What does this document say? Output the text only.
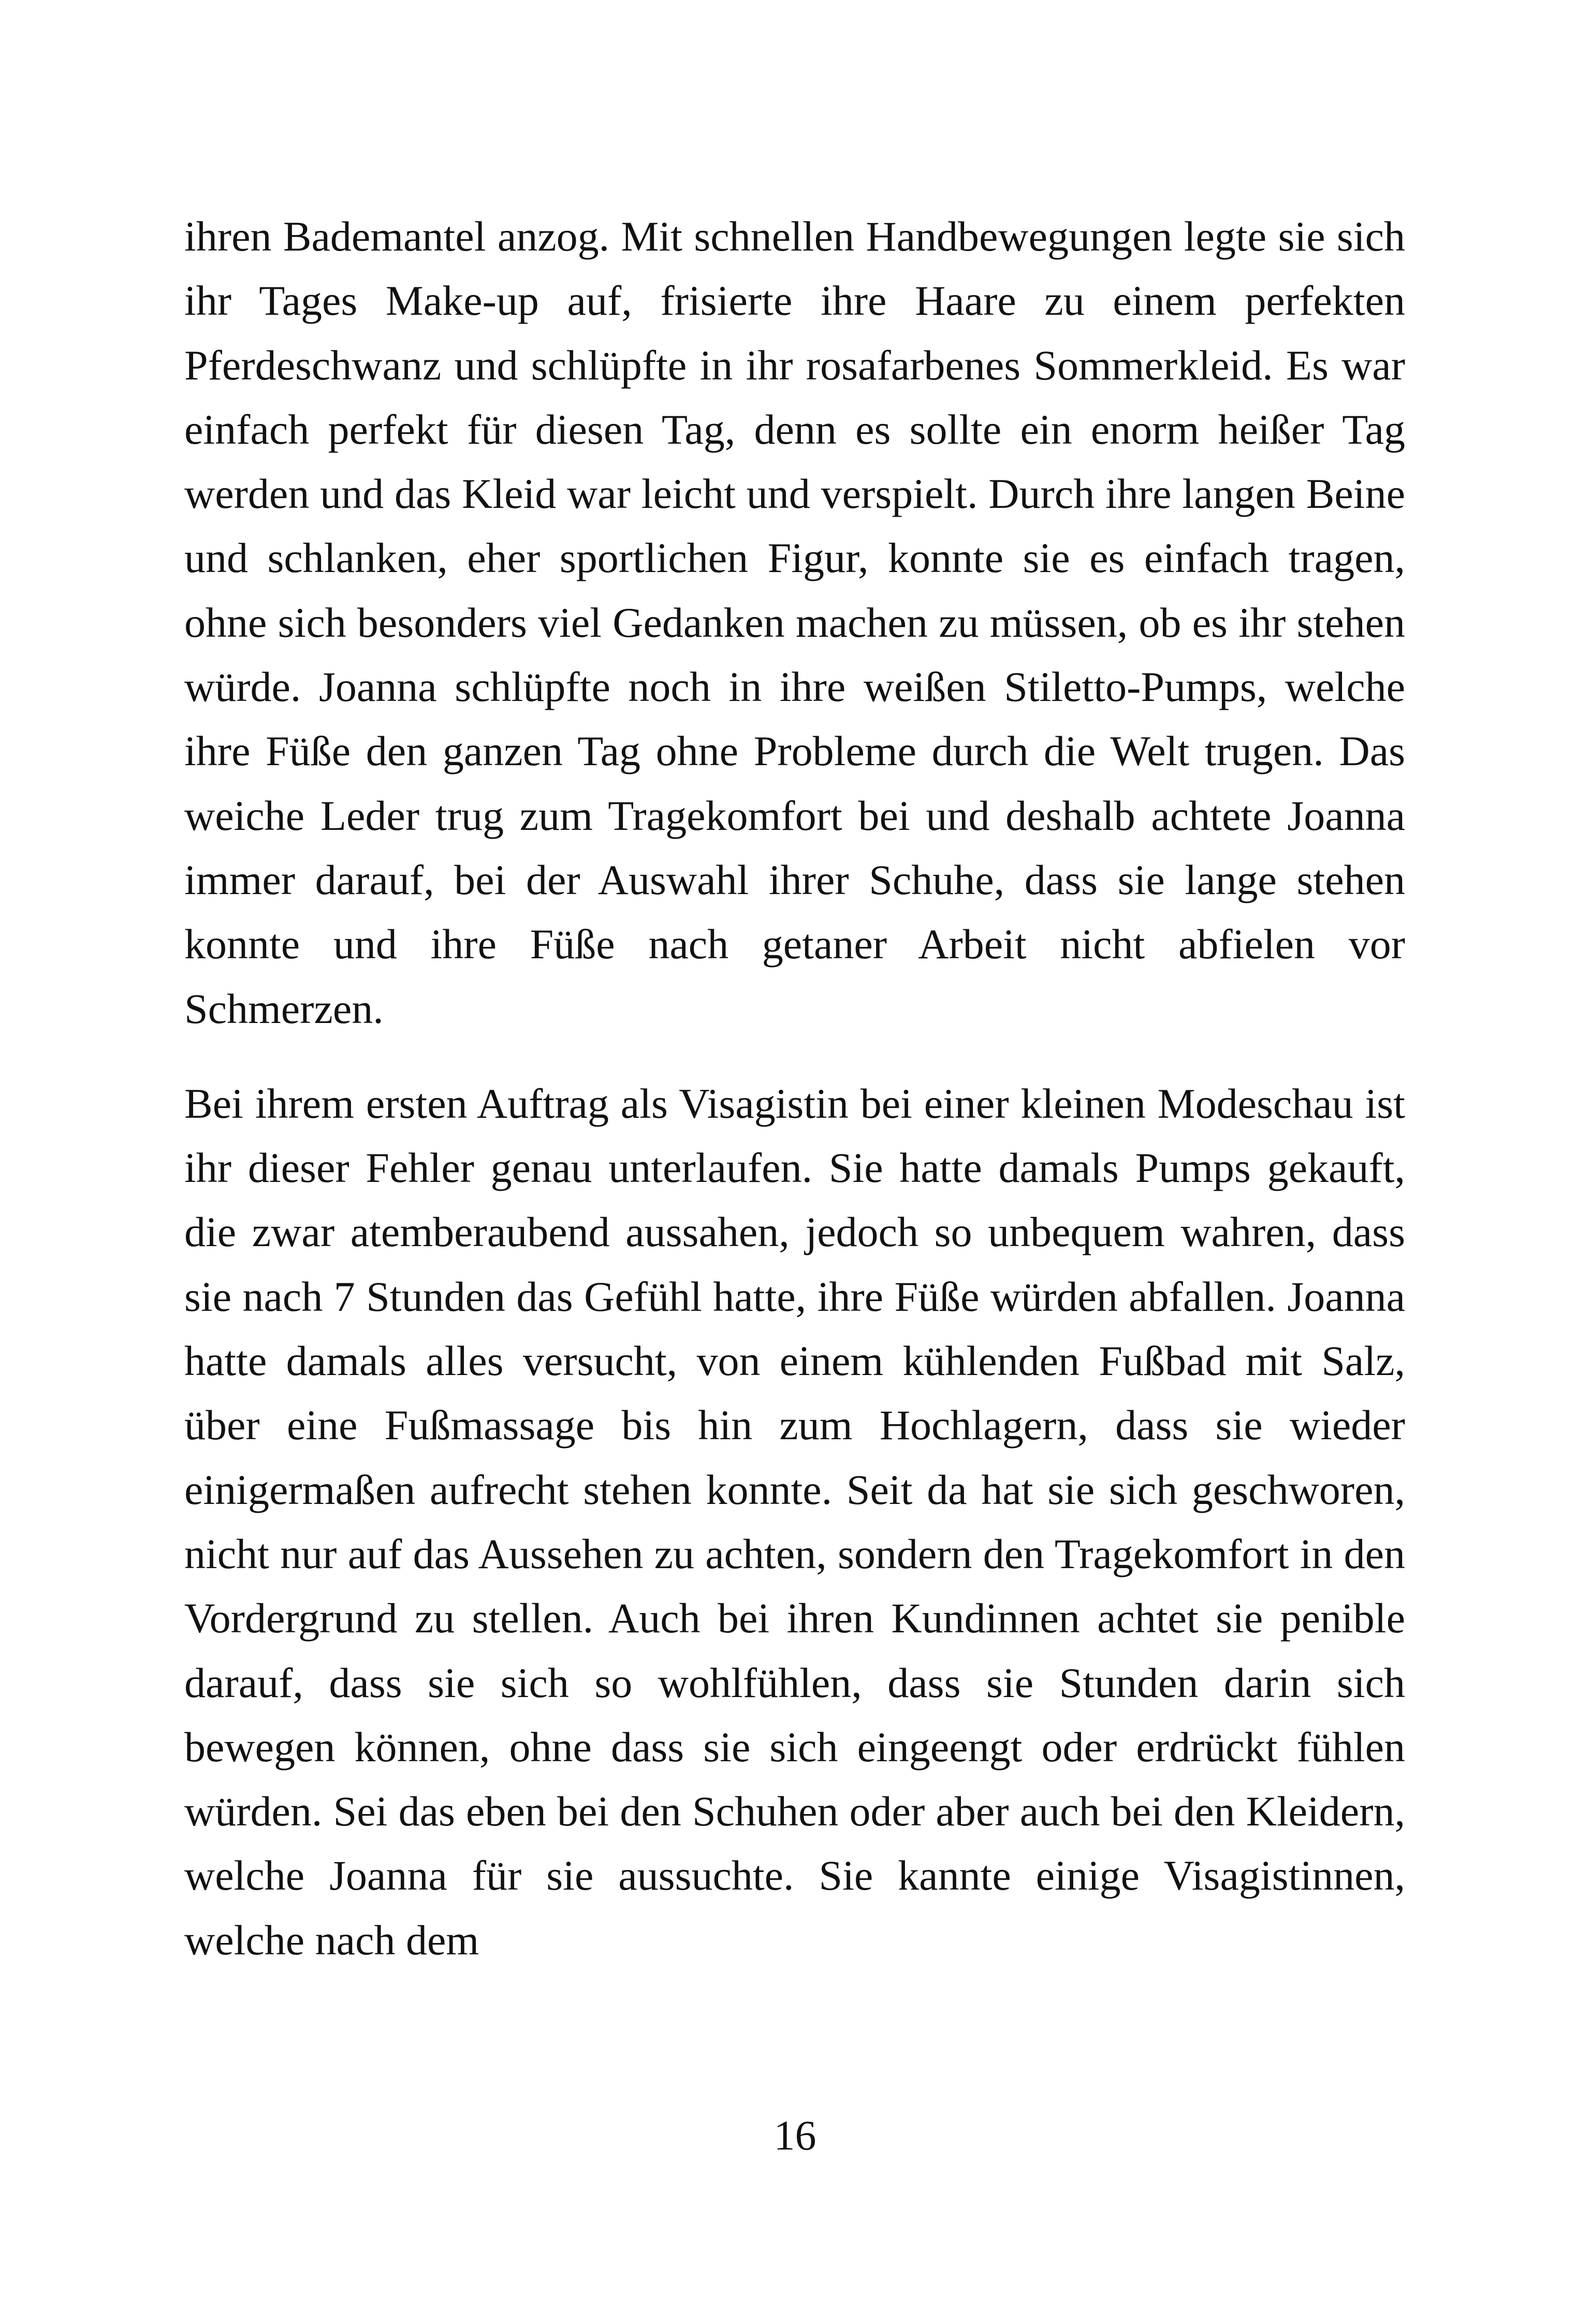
ihren Bademantel anzog. Mit schnellen Handbewegungen legte sie sich ihr Tages Make-up auf, frisierte ihre Haare zu einem perfekten Pferdeschwanz und schlüpfte in ihr rosafarbenes Sommerkleid. Es war einfach perfekt für diesen Tag, denn es sollte ein enorm heißer Tag werden und das Kleid war leicht und verspielt. Durch ihre langen Beine und schlanken, eher sportlichen Figur, konnte sie es einfach tragen, ohne sich besonders viel Gedanken machen zu müssen, ob es ihr stehen würde. Joanna schlüpfte noch in ihre weißen Stiletto-Pumps, welche ihre Füße den ganzen Tag ohne Probleme durch die Welt trugen. Das weiche Leder trug zum Tragekomfort bei und deshalb achtete Joanna immer darauf, bei der Auswahl ihrer Schuhe, dass sie lange stehen konnte und ihre Füße nach getaner Arbeit nicht abfielen vor Schmerzen.

Bei ihrem ersten Auftrag als Visagistin bei einer kleinen Modeschau ist ihr dieser Fehler genau unterlaufen. Sie hatte damals Pumps gekauft, die zwar atemberaubend aussahen, jedoch so unbequem wahren, dass sie nach 7 Stunden das Gefühl hatte, ihre Füße würden abfallen. Joanna hatte damals alles versucht, von einem kühlenden Fußbad mit Salz, über eine Fußmassage bis hin zum Hochlagern, dass sie wieder einigermaßen aufrecht stehen konnte. Seit da hat sie sich geschworen, nicht nur auf das Aussehen zu achten, sondern den Tragekomfort in den Vordergrund zu stellen. Auch bei ihren Kundinnen achtet sie penible darauf, dass sie sich so wohlfühlen, dass sie Stunden darin sich bewegen können, ohne dass sie sich eingeengt oder erdrückt fühlen würden. Sei das eben bei den Schuhen oder aber auch bei den Kleidern, welche Joanna für sie aussuchte. Sie kannte einige Visagistinnen, welche nach dem

16
